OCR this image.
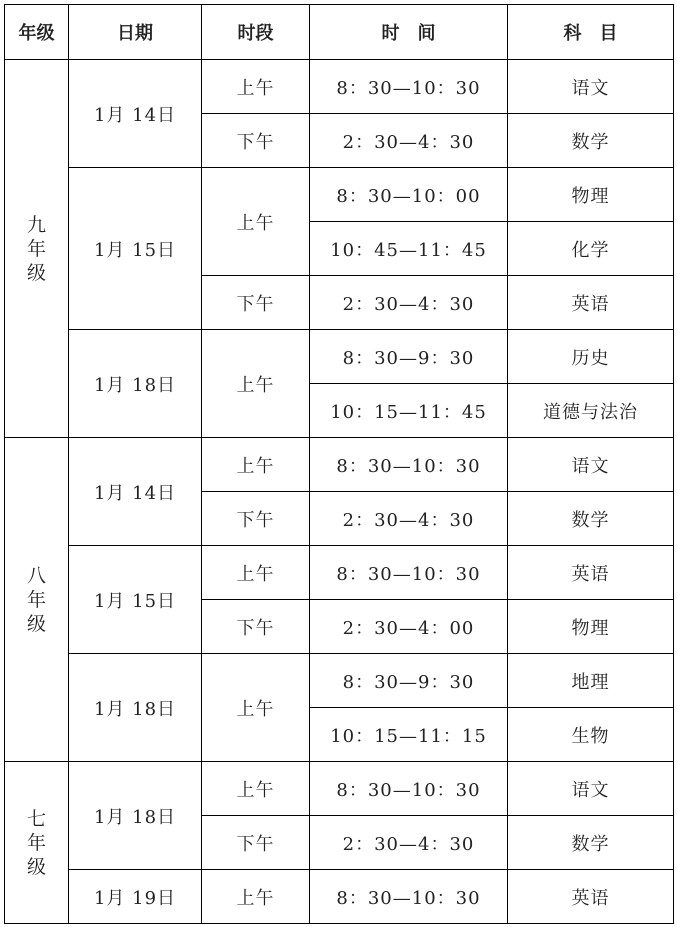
年级	日期	时段	时　间	科　目
九年级	1月 14日	上午	8：30—10：30	语文
		下午	2：30—4：30	数学
	1月 15日	上午	8：30—10：00	物理
			10：45—11：45	化学
		下午	2：30—4：30	英语
	1月 18日	上午	8：30—9：30	历史
			10：15—11：45	道德与法治
八年级	1月 14日	上午	8：30—10：30	语文
		下午	2：30—4：30	数学
	1月 15日	上午	8：30—10：30	英语
		下午	2：30—4：00	物理
	1月 18日	上午	8：30—9：30	地理
			10：15—11：15	生物
七年级	1月 18日	上午	8：30—10：30	语文
		下午	2：30—4：30	数学
	1月 19日	上午	8：30—10：30	英语
